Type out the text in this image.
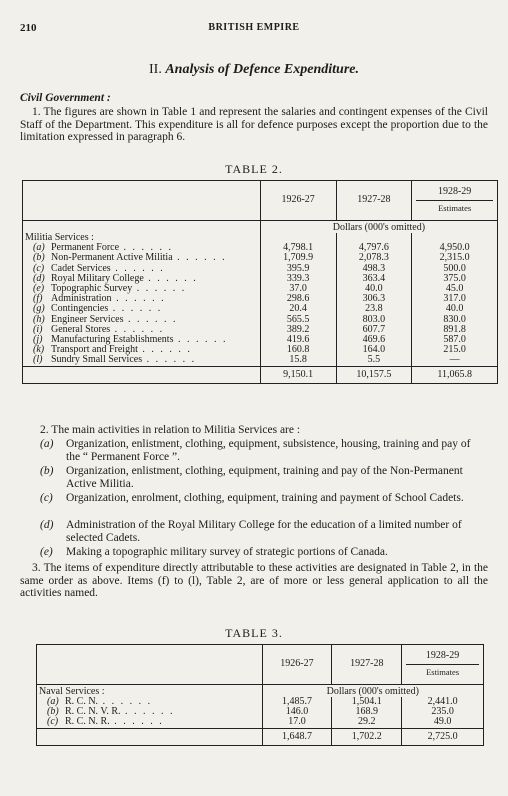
210	BRITISH EMPIRE
II. Analysis of Defence Expenditure.
Civil Government :
1. The figures are shown in Table 1 and represent the salaries and contingent expenses of the Civil Staff of the Department. This expenditure is all for defence purposes except the proportion due to the limitation expressed in paragraph 6.
TABLE 2.
	1926-27	1927-28	1928-29
Estimates
	Dollars (000's omitted)		
Militia Services :			
(a) Permanent Force . . . . . .	4,798.1	4,797.6	4,950.0
(b) Non-Permanent Active Militia . . . . . .	1,709.9	2,078.3	2,315.0
(c) Cadet Services . . . . . .	395.9	498.3	500.0
(d) Royal Military College . . . . . .	339.3	363.4	375.0
(e) Topographic Survey . . . . . .	37.0	40.0	45.0
(f) Administration . . . . . .	298.6	306.3	317.0
(g) Contingencies . . . . . .	20.4	23.8	40.0
(h) Engineer Services . . . . . .	565.5	803.0	830.0
(i) General Stores . . . . . .	389.2	607.7	891.8
(j) Manufacturing Establishments . . . . . .	419.6	469.6	587.0
(k) Transport and Freight . . . . . .	160.8	164.0	215.0
(l) Sundry Small Services . . . . . .	15.8	5.5	—
	9,150.1	10,157.5	11,065.8
2. The main activities in relation to Militia Services are :
(a) Organization, enlistment, clothing, equipment, subsistence, housing, training and pay of the “ Permanent Force ”.
(b) Organization, enlistment, clothing, equipment, training and pay of the Non-Permanent Active Militia.
(c) Organization, enrolment, clothing, equipment, training and payment of School Cadets.
(d) Administration of the Royal Military College for the education of a limited number of selected Cadets.
(e) Making a topographic military survey of strategic portions of Canada.
3. The items of expenditure directly attributable to these activities are designated in Table 2, in the same order as above. Items (f) to (l), Table 2, are of more or less general application to all the activities named.
TABLE 3.
	1926-27	1927-28	1928-29
Estimates
Naval Services :	Dollars (000's omitted)		
(a) R. C. N. . . . . . .	1,485.7	1,504.1	2,441.0
(b) R. C. N. V. R. . . . . . .	146.0	168.9	235.0
(c) R. C. N. R. . . . . . .	17.0	29.2	49.0
	1,648.7	1,702.2	2,725.0
